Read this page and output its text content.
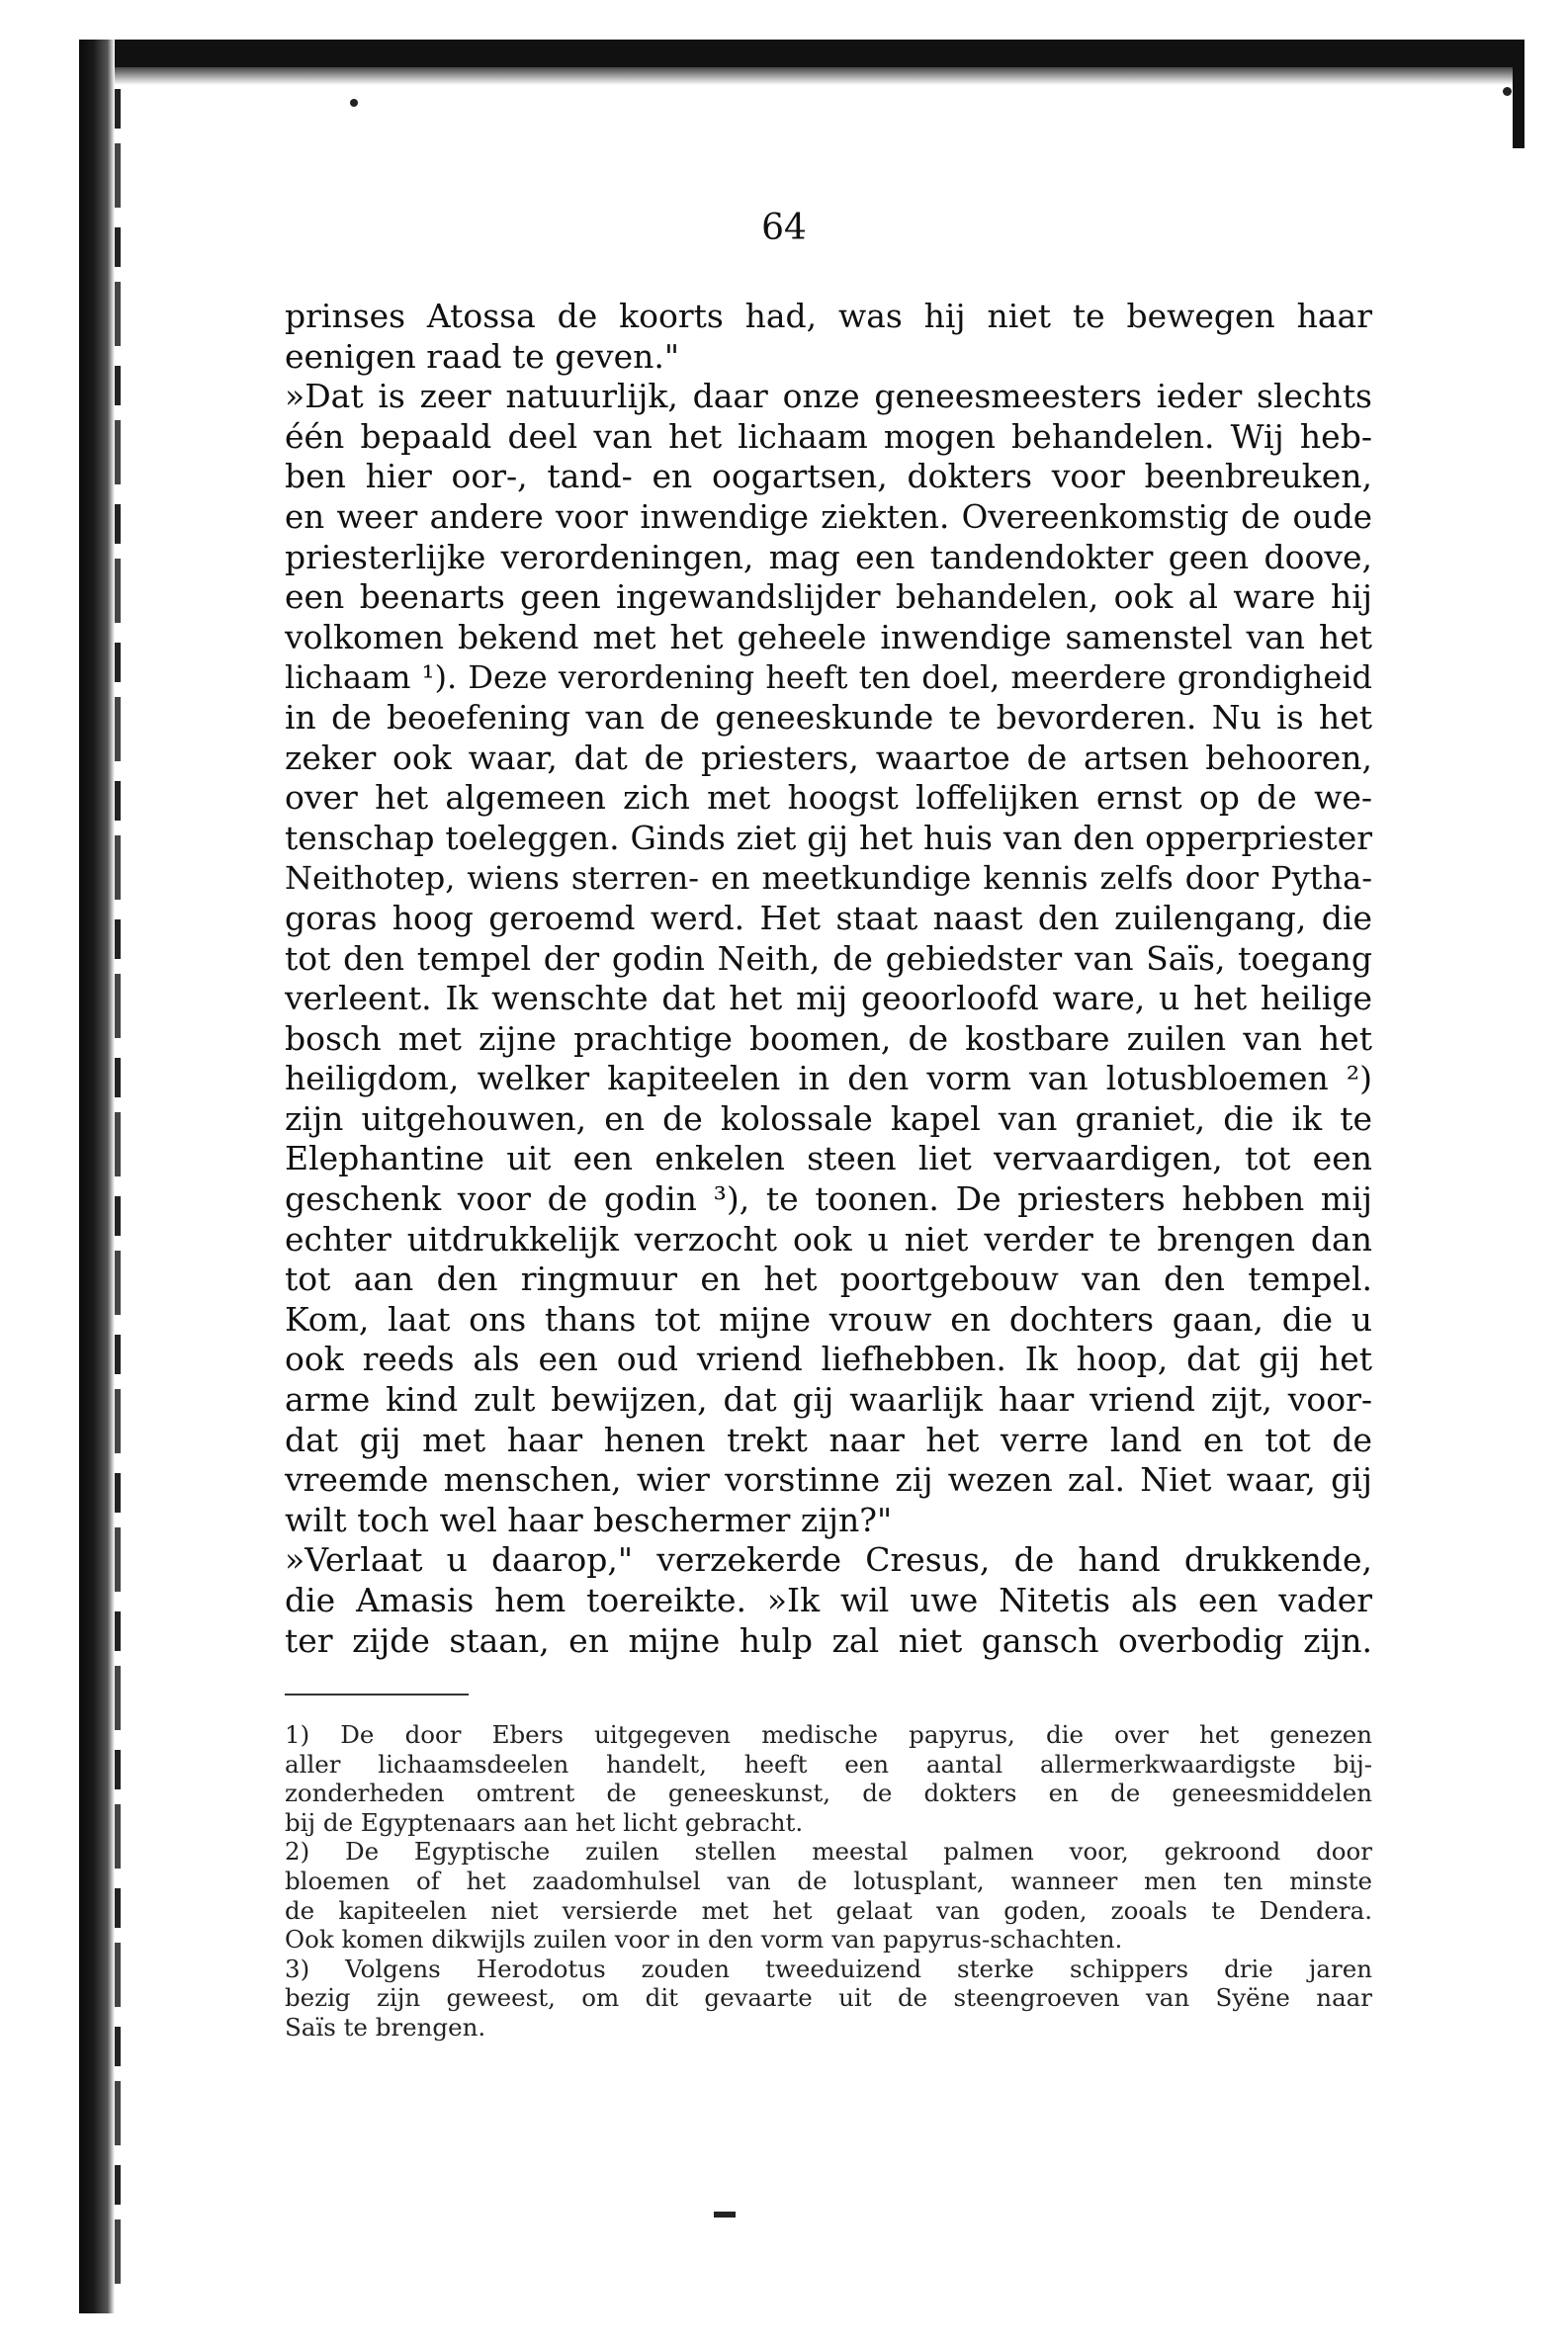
64
prinses Atossa de koorts had, was hij niet te bewegen haar
eenigen raad te geven."
»Dat is zeer natuurlijk, daar onze geneesmeesters ieder slechts
één bepaald deel van het lichaam mogen behandelen. Wij heb-
ben hier oor-, tand- en oogartsen, dokters voor beenbreuken,
en weer andere voor inwendige ziekten. Overeenkomstig de oude
priesterlijke verordeningen, mag een tandendokter geen doove,
een beenarts geen ingewandslijder behandelen, ook al ware hij
volkomen bekend met het geheele inwendige samenstel van het
lichaam ¹). Deze verordening heeft ten doel, meerdere grondigheid
in de beoefening van de geneeskunde te bevorderen. Nu is het
zeker ook waar, dat de priesters, waartoe de artsen behooren,
over het algemeen zich met hoogst loffelijken ernst op de we-
tenschap toeleggen. Ginds ziet gij het huis van den opperpriester
Neithotep, wiens sterren- en meetkundige kennis zelfs door Pytha-
goras hoog geroemd werd. Het staat naast den zuilengang, die
tot den tempel der godin Neith, de gebiedster van Saïs, toegang
verleent. Ik wenschte dat het mij geoorloofd ware, u het heilige
bosch met zijne prachtige boomen, de kostbare zuilen van het
heiligdom, welker kapiteelen in den vorm van lotusbloemen ²)
zijn uitgehouwen, en de kolossale kapel van graniet, die ik te
Elephantine uit een enkelen steen liet vervaardigen, tot een
geschenk voor de godin ³), te toonen. De priesters hebben mij
echter uitdrukkelijk verzocht ook u niet verder te brengen dan
tot aan den ringmuur en het poortgebouw van den tempel.
Kom, laat ons thans tot mijne vrouw en dochters gaan, die u
ook reeds als een oud vriend liefhebben. Ik hoop, dat gij het
arme kind zult bewijzen, dat gij waarlijk haar vriend zijt, voor-
dat gij met haar henen trekt naar het verre land en tot de
vreemde menschen, wier vorstinne zij wezen zal. Niet waar, gij
wilt toch wel haar beschermer zijn?"
»Verlaat u daarop," verzekerde Cresus, de hand drukkende,
die Amasis hem toereikte. »Ik wil uwe Nitetis als een vader
ter zijde staan, en mijne hulp zal niet gansch overbodig zijn.
1) De door Ebers uitgegeven medische papyrus, die over het genezen
aller lichaamsdeelen handelt, heeft een aantal allermerkwaardigste bij-
zonderheden omtrent de geneeskunst, de dokters en de geneesmiddelen
bij de Egyptenaars aan het licht gebracht.
2) De Egyptische zuilen stellen meestal palmen voor, gekroond door
bloemen of het zaadomhulsel van de lotusplant, wanneer men ten minste
de kapiteelen niet versierde met het gelaat van goden, zooals te Dendera.
Ook komen dikwijls zuilen voor in den vorm van papyrus-schachten.
3) Volgens Herodotus zouden tweeduizend sterke schippers drie jaren
bezig zijn geweest, om dit gevaarte uit de steengroeven van Syëne naar
Saïs te brengen.
